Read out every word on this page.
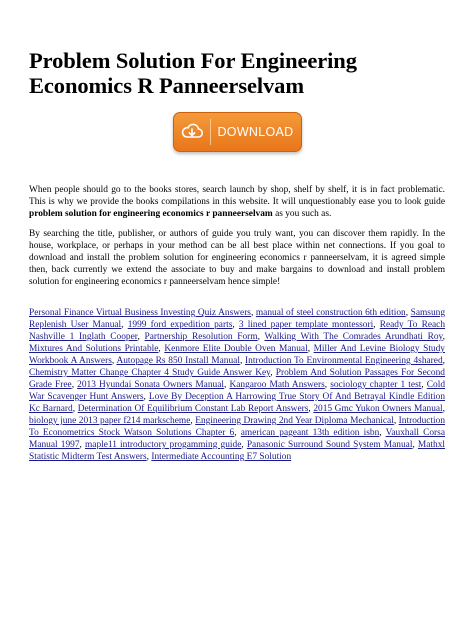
Problem Solution For Engineering Economics R Panneerselvam
DOWNLOAD

When people should go to the books stores, search launch by shop, shelf by shelf, it is in fact problematic. This is why we provide the books compilations in this website. It will unquestionably ease you to look guide problem solution for engineering economics r panneerselvam as you such as.

By searching the title, publisher, or authors of guide you truly want, you can discover them rapidly. In the house, workplace, or perhaps in your method can be all best place within net connections. If you goal to download and install the problem solution for engineering economics r panneerselvam, it is agreed simple then, back currently we extend the associate to buy and make bargains to download and install problem solution for engineering economics r panneerselvam hence simple!

Personal Finance Virtual Business Investing Quiz Answers, manual of steel construction 6th edition, Samsung Replenish User Manual, 1999 ford expedition parts, 3 lined paper template montessori, Ready To Reach Nashville 1 Inglath Cooper, Partnership Resolution Form, Walking With The Comrades Arundhati Roy, Mixtures And Solutions Printable, Kenmore Elite Double Oven Manual, Miller And Levine Biology Study Workbook A Answers, Autopage Rs 850 Install Manual, Introduction To Environmental Engineering 4shared, Chemistry Matter Change Chapter 4 Study Guide Answer Key, Problem And Solution Passages For Second Grade Free, 2013 Hyundai Sonata Owners Manual, Kangaroo Math Answers, sociology chapter 1 test, Cold War Scavenger Hunt Answers, Love By Deception A Harrowing True Story Of And Betrayal Kindle Edition Kc Barnard, Determination Of Equilibrium Constant Lab Report Answers, 2015 Gmc Yukon Owners Manual, biology june 2013 paper f214 markscheme, Engineering Drawing 2nd Year Diploma Mechanical, Introduction To Econometrics Stock Watson Solutions Chapter 6, american pageant 13th edition isbn, Vauxhall Corsa Manual 1997, maple11 introductory progamming guide, Panasonic Surround Sound System Manual, Mathxl Statistic Midterm Test Answers, Intermediate Accounting E7 Solution
